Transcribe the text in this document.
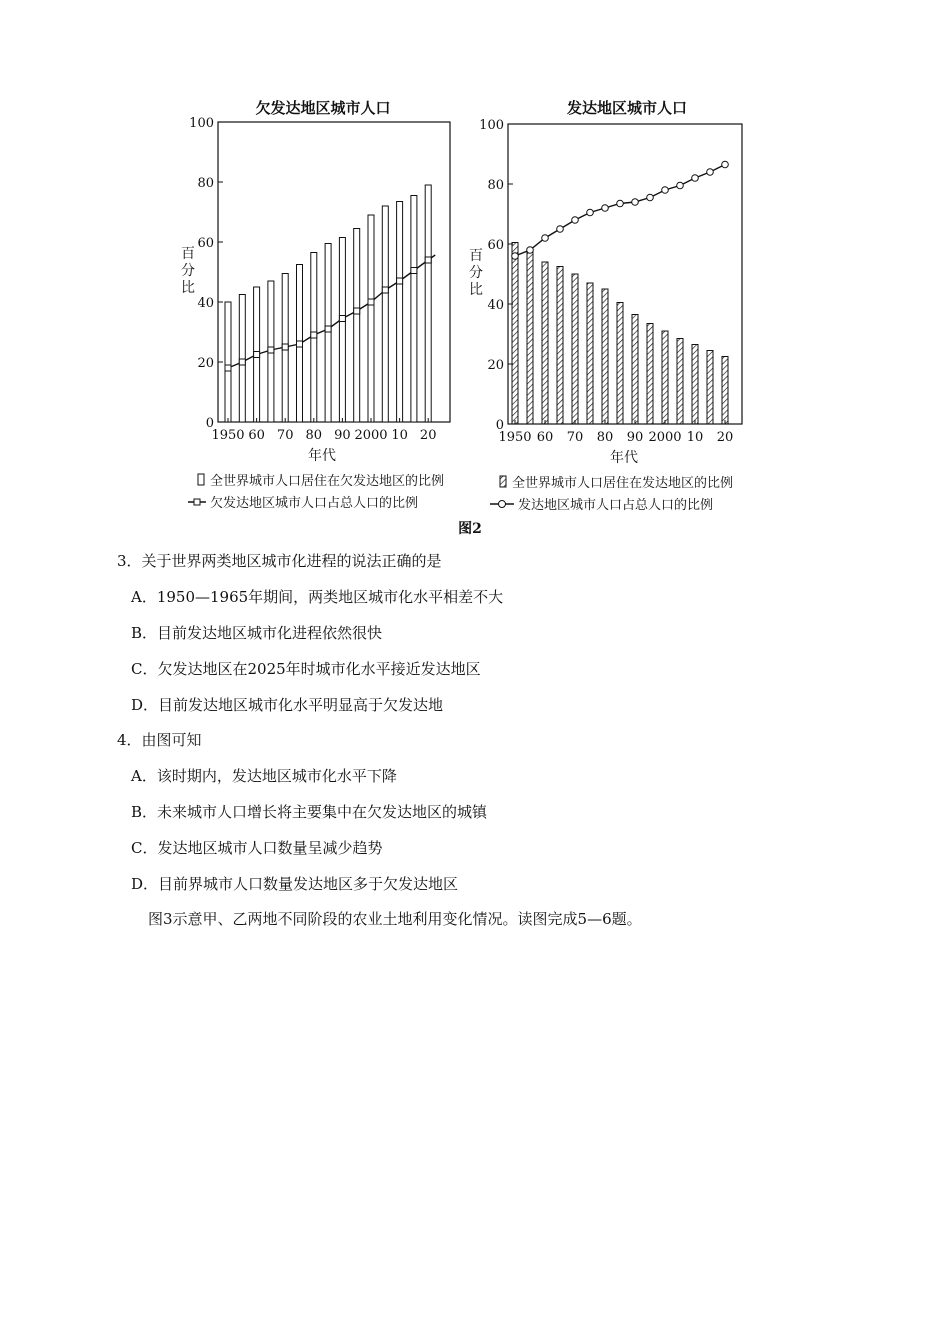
欠发达地区城市人口
0
20
40
60
80
100
1950 60 70 80 90 2000 10 20
百
分
比
年代
发达地区城市人口
0
20
40
60
80
100
1950 60 70 80 90 2000 10 20
百
分
比
年代
全世界城市人口居住在欠发达地区的比例
欠发达地区城市人口占总人口的比例
全世界城市人口居住在发达地区的比例
发达地区城市人口占总人口的比例
图2
3．关于世界两类地区城市化进程的说法正确的是
A．1950—1965年期间，两类地区城市化水平相差不大
B．目前发达地区城市化进程依然很快
C．欠发达地区在2025年时城市化水平接近发达地区
D．目前发达地区城市化水平明显高于欠发达地
4．由图可知
A．该时期内，发达地区城市化水平下降
B．未来城市人口增长将主要集中在欠发达地区的城镇
C．发达地区城市人口数量呈减少趋势
D．目前界城市人口数量发达地区多于欠发达地区
图3示意甲、乙两地不同阶段的农业土地利用变化情况。读图完成5—6题。
